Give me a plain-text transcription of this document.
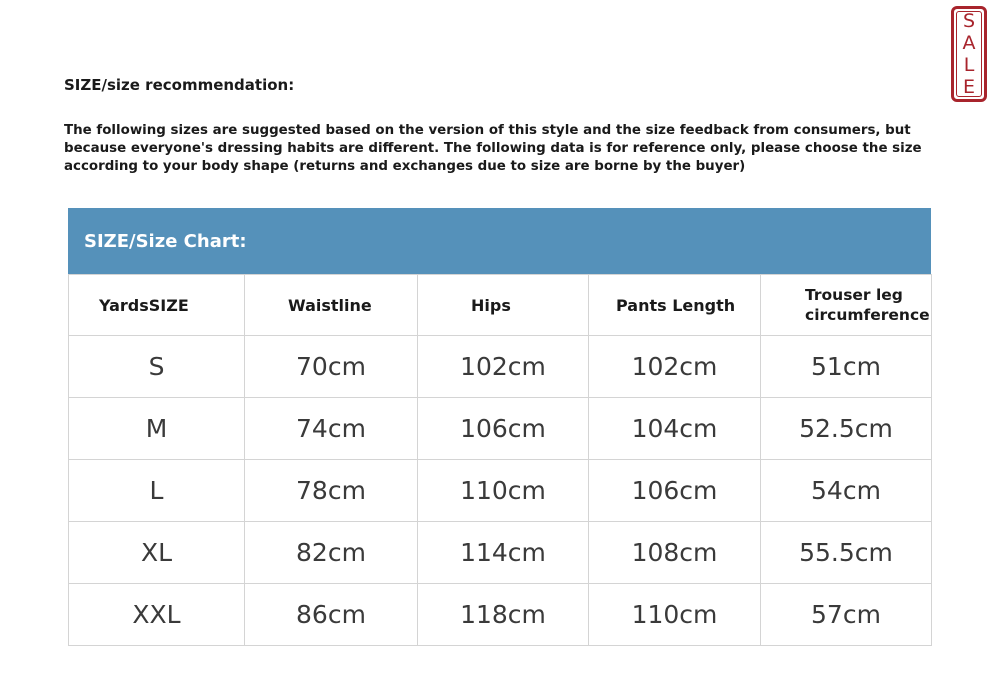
S
A
L
E
SIZE/size recommendation:

The following sizes are suggested based on the version of this style and the size feedback from consumers, but because everyone's dressing habits are different. The following data is for reference only, please choose the size according to your body shape (returns and exchanges due to size are borne by the buyer)

SIZE/Size Chart:
YardsSIZE	Waistline	Hips	Pants Length	Trouser leg circumference
S	70cm	102cm	102cm	51cm
M	74cm	106cm	104cm	52.5cm
L	78cm	110cm	106cm	54cm
XL	82cm	114cm	108cm	55.5cm
XXL	86cm	118cm	110cm	57cm
